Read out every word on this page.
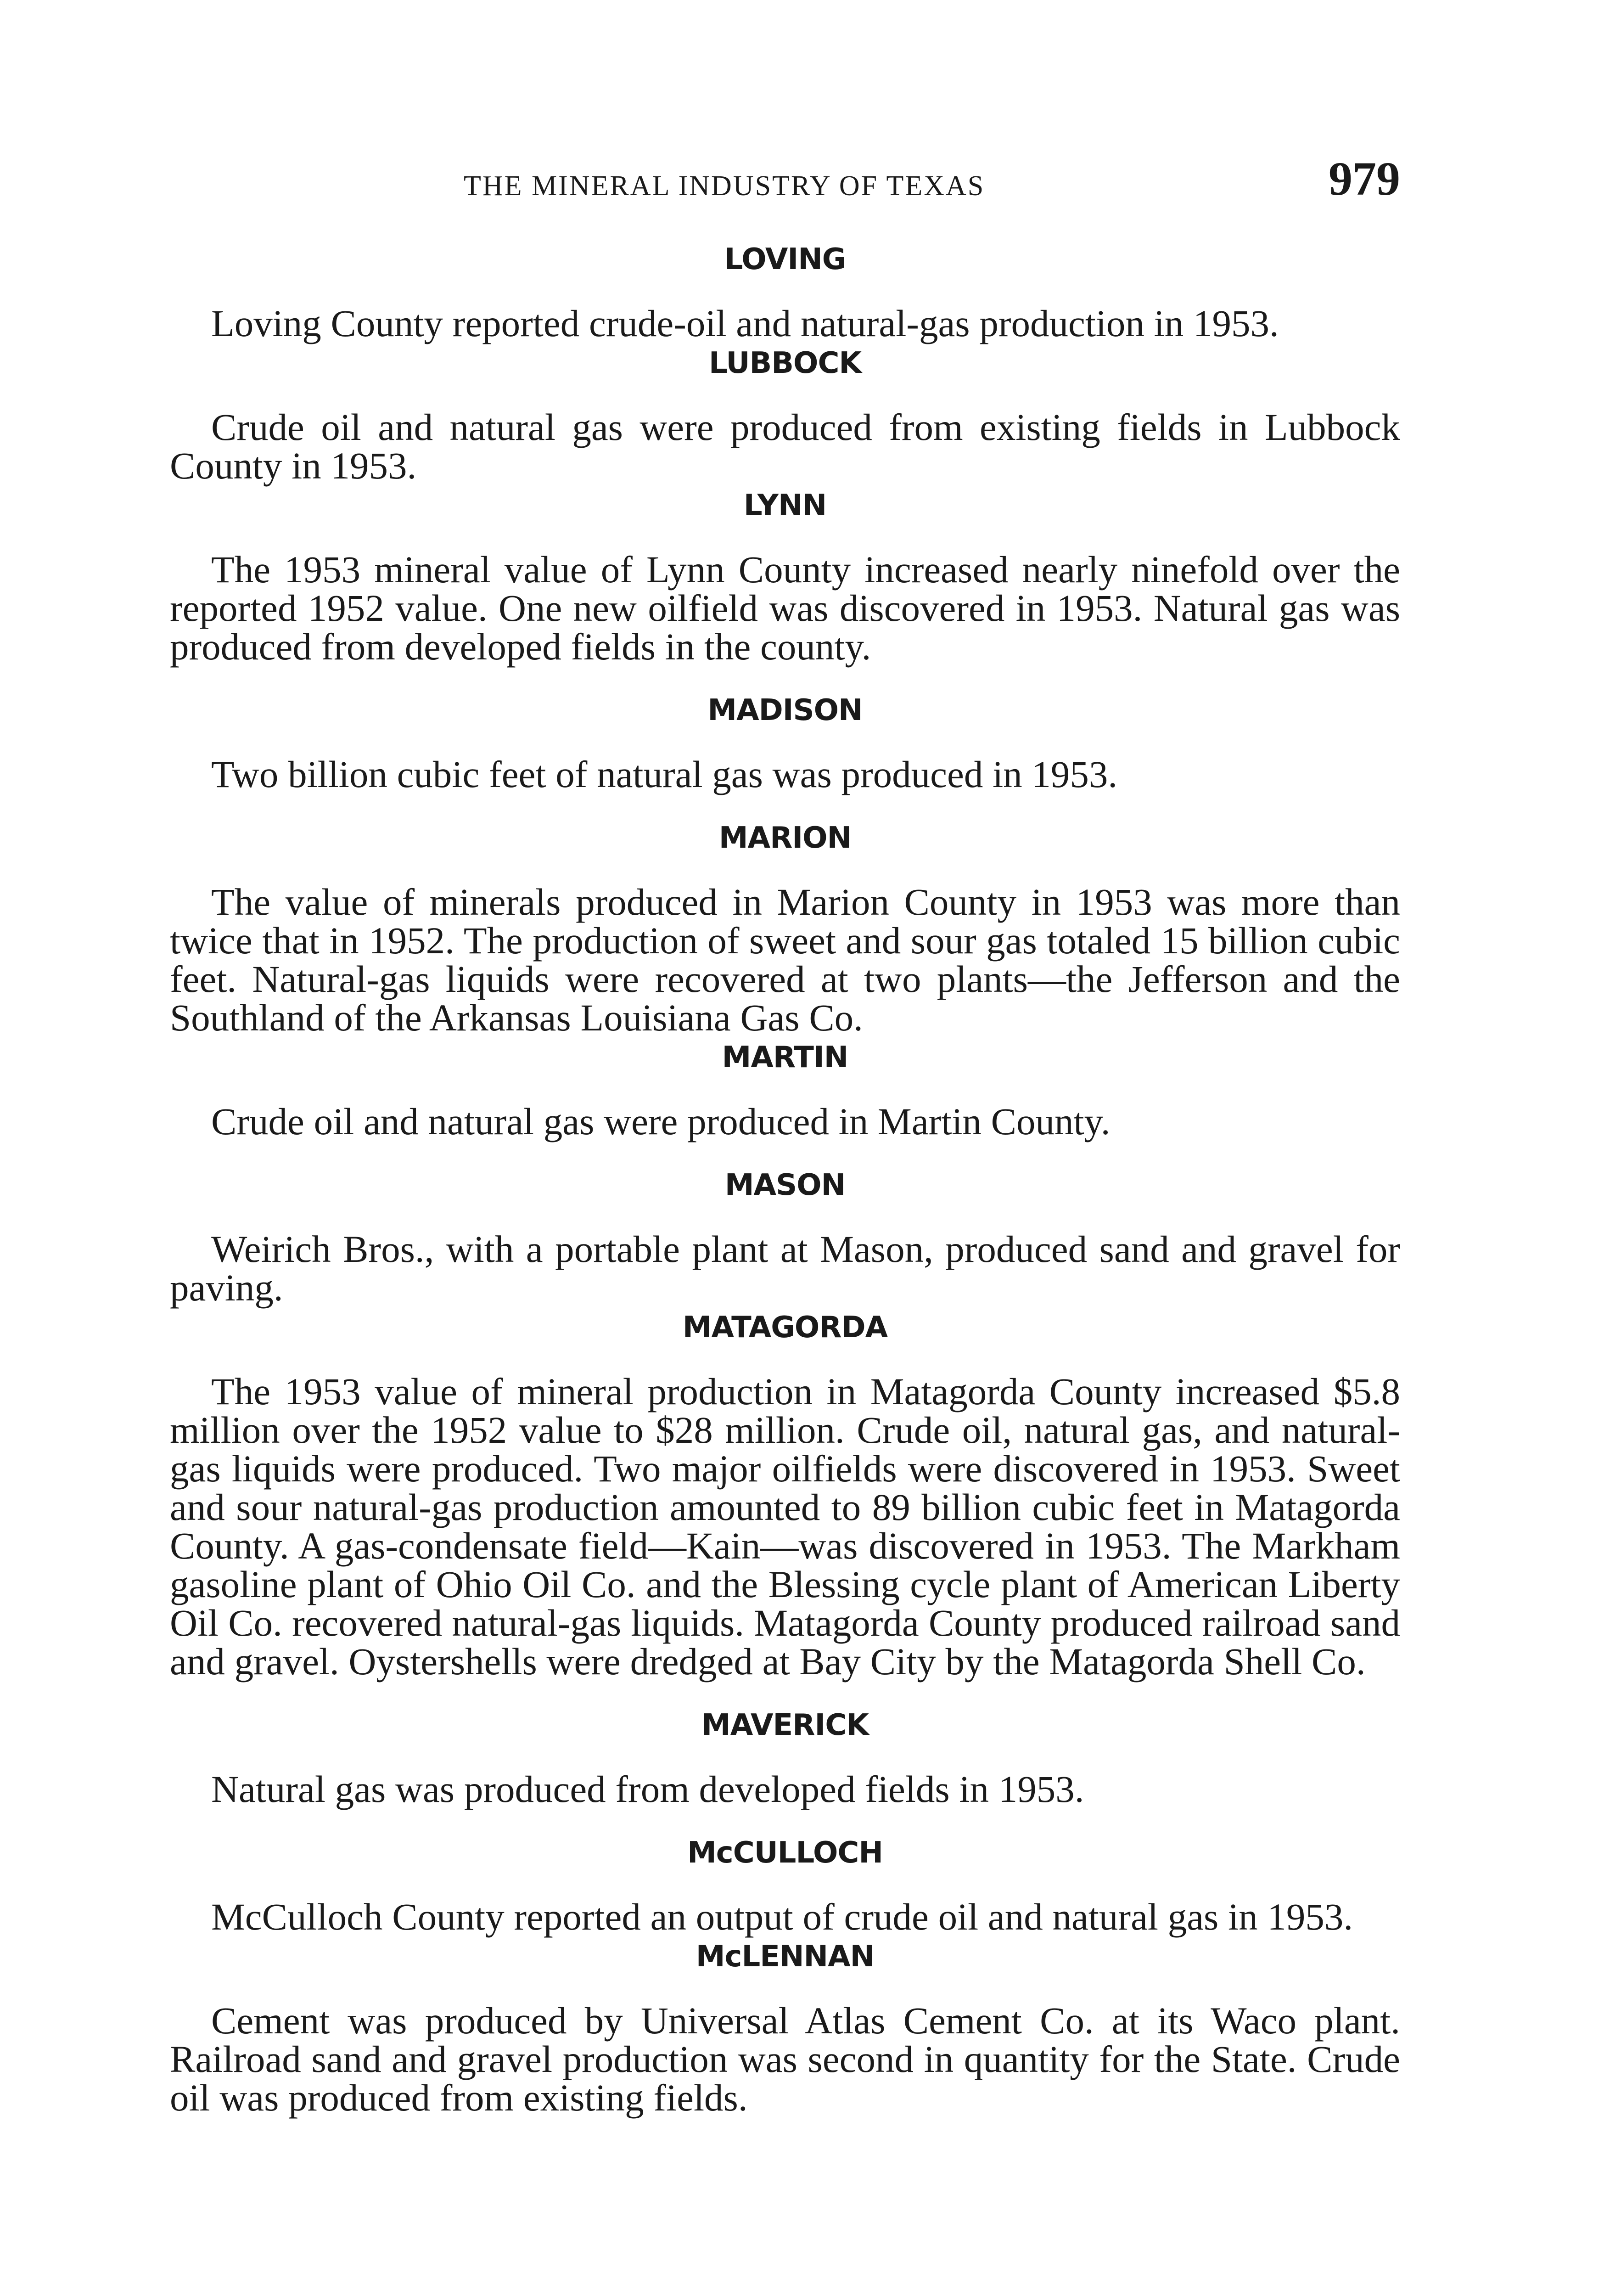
THE MINERAL INDUSTRY OF TEXAS	979
LOVING

Loving County reported crude-oil and natural-gas production in 1953.

LUBBOCK

Crude oil and natural gas were produced from existing fields in Lubbock County in 1953.

LYNN

The 1953 mineral value of Lynn County increased nearly ninefold over the reported 1952 value. One new oilfield was discovered in 1953. Natural gas was produced from developed fields in the county.

MADISON

Two billion cubic feet of natural gas was produced in 1953.

MARION

The value of minerals produced in Marion County in 1953 was more than twice that in 1952. The production of sweet and sour gas totaled 15 billion cubic feet. Natural-gas liquids were recovered at two plants—the Jefferson and the Southland of the Arkansas Louisiana Gas Co.

MARTIN

Crude oil and natural gas were produced in Martin County.

MASON

Weirich Bros., with a portable plant at Mason, produced sand and gravel for paving.

MATAGORDA

The 1953 value of mineral production in Matagorda County increased $5.8 million over the 1952 value to $28 million. Crude oil, natural gas, and natural-gas liquids were produced. Two major oilfields were discovered in 1953. Sweet and sour natural-gas production amounted to 89 billion cubic feet in Matagorda County. A gas-condensate field—Kain—was discovered in 1953. The Markham gasoline plant of Ohio Oil Co. and the Blessing cycle plant of American Liberty Oil Co. recovered natural-gas liquids. Matagorda County produced railroad sand and gravel. Oystershells were dredged at Bay City by the Matagorda Shell Co.

MAVERICK

Natural gas was produced from developed fields in 1953.

McCULLOCH

McCulloch County reported an output of crude oil and natural gas in 1953.

McLENNAN

Cement was produced by Universal Atlas Cement Co. at its Waco plant. Railroad sand and gravel production was second in quantity for the State. Crude oil was produced from existing fields.
